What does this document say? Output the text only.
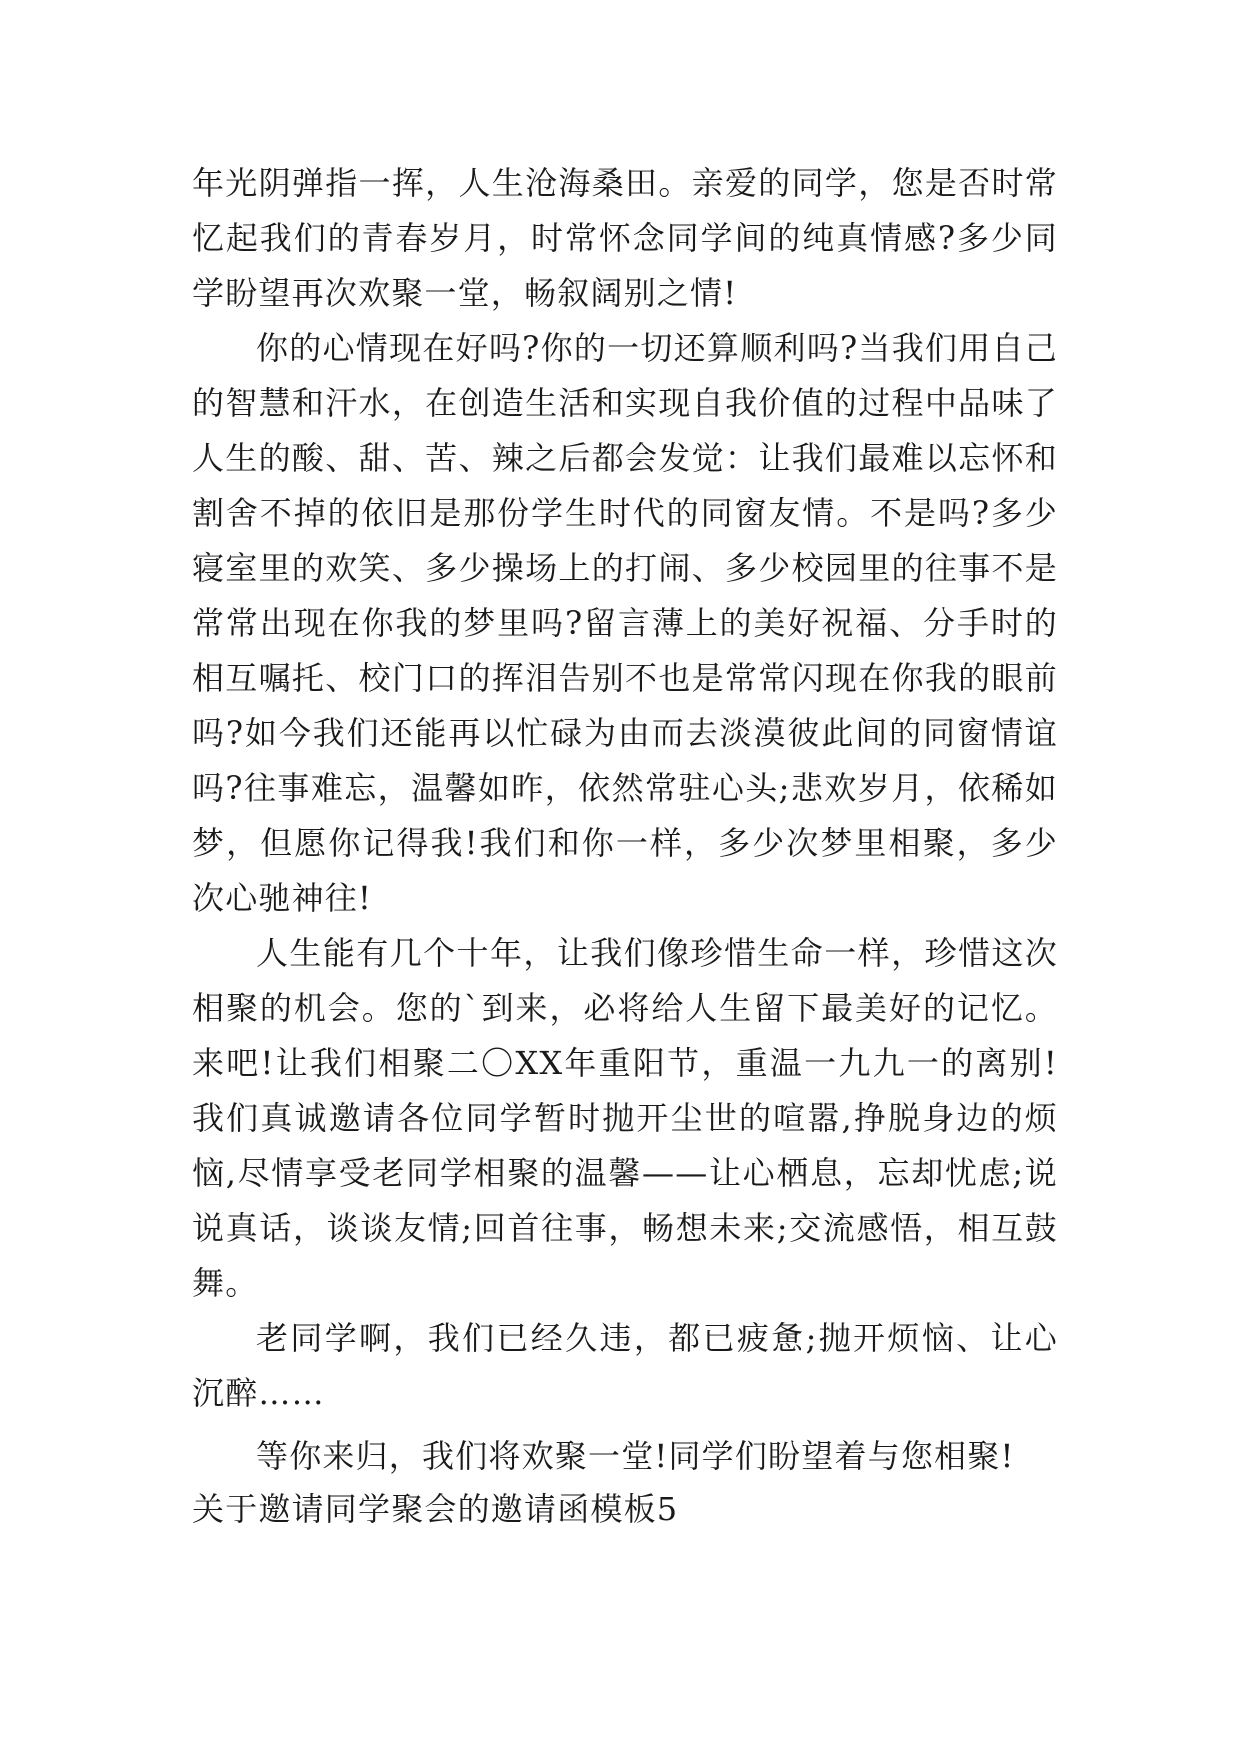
年光阴弹指一挥，人生沧海桑田。亲爱的同学，您是否时常忆起我们的青春岁月，时常怀念同学间的纯真情感?多少同学盼望再次欢聚一堂，畅叙阔别之情!

你的心情现在好吗?你的一切还算顺利吗?当我们用自己的智慧和汗水，在创造生活和实现自我价值的过程中品味了人生的酸、甜、苦、辣之后都会发觉：让我们最难以忘怀和割舍不掉的依旧是那份学生时代的同窗友情。不是吗?多少寝室里的欢笑、多少操场上的打闹、多少校园里的往事不是常常出现在你我的梦里吗?留言薄上的美好祝福、分手时的相互嘱托、校门口的挥泪告别不也是常常闪现在你我的眼前吗?如今我们还能再以忙碌为由而去淡漠彼此间的同窗情谊吗?往事难忘，温馨如昨，依然常驻心头;悲欢岁月，依稀如梦，但愿你记得我!我们和你一样，多少次梦里相聚，多少次心驰神往!

人生能有几个十年，让我们像珍惜生命一样，珍惜这次相聚的机会。您的`到来，必将给人生留下最美好的记忆。来吧!让我们相聚二〇XX年重阳节，重温一九九一的离别!我们真诚邀请各位同学暂时抛开尘世的喧嚣,挣脱身边的烦恼,尽情享受老同学相聚的温馨——让心栖息，忘却忧虑;说说真话，谈谈友情;回首往事，畅想未来;交流感悟，相互鼓舞。

老同学啊，我们已经久违，都已疲惫;抛开烦恼、让心沉醉……

等你来归，我们将欢聚一堂!同学们盼望着与您相聚!

关于邀请同学聚会的邀请函模板5
